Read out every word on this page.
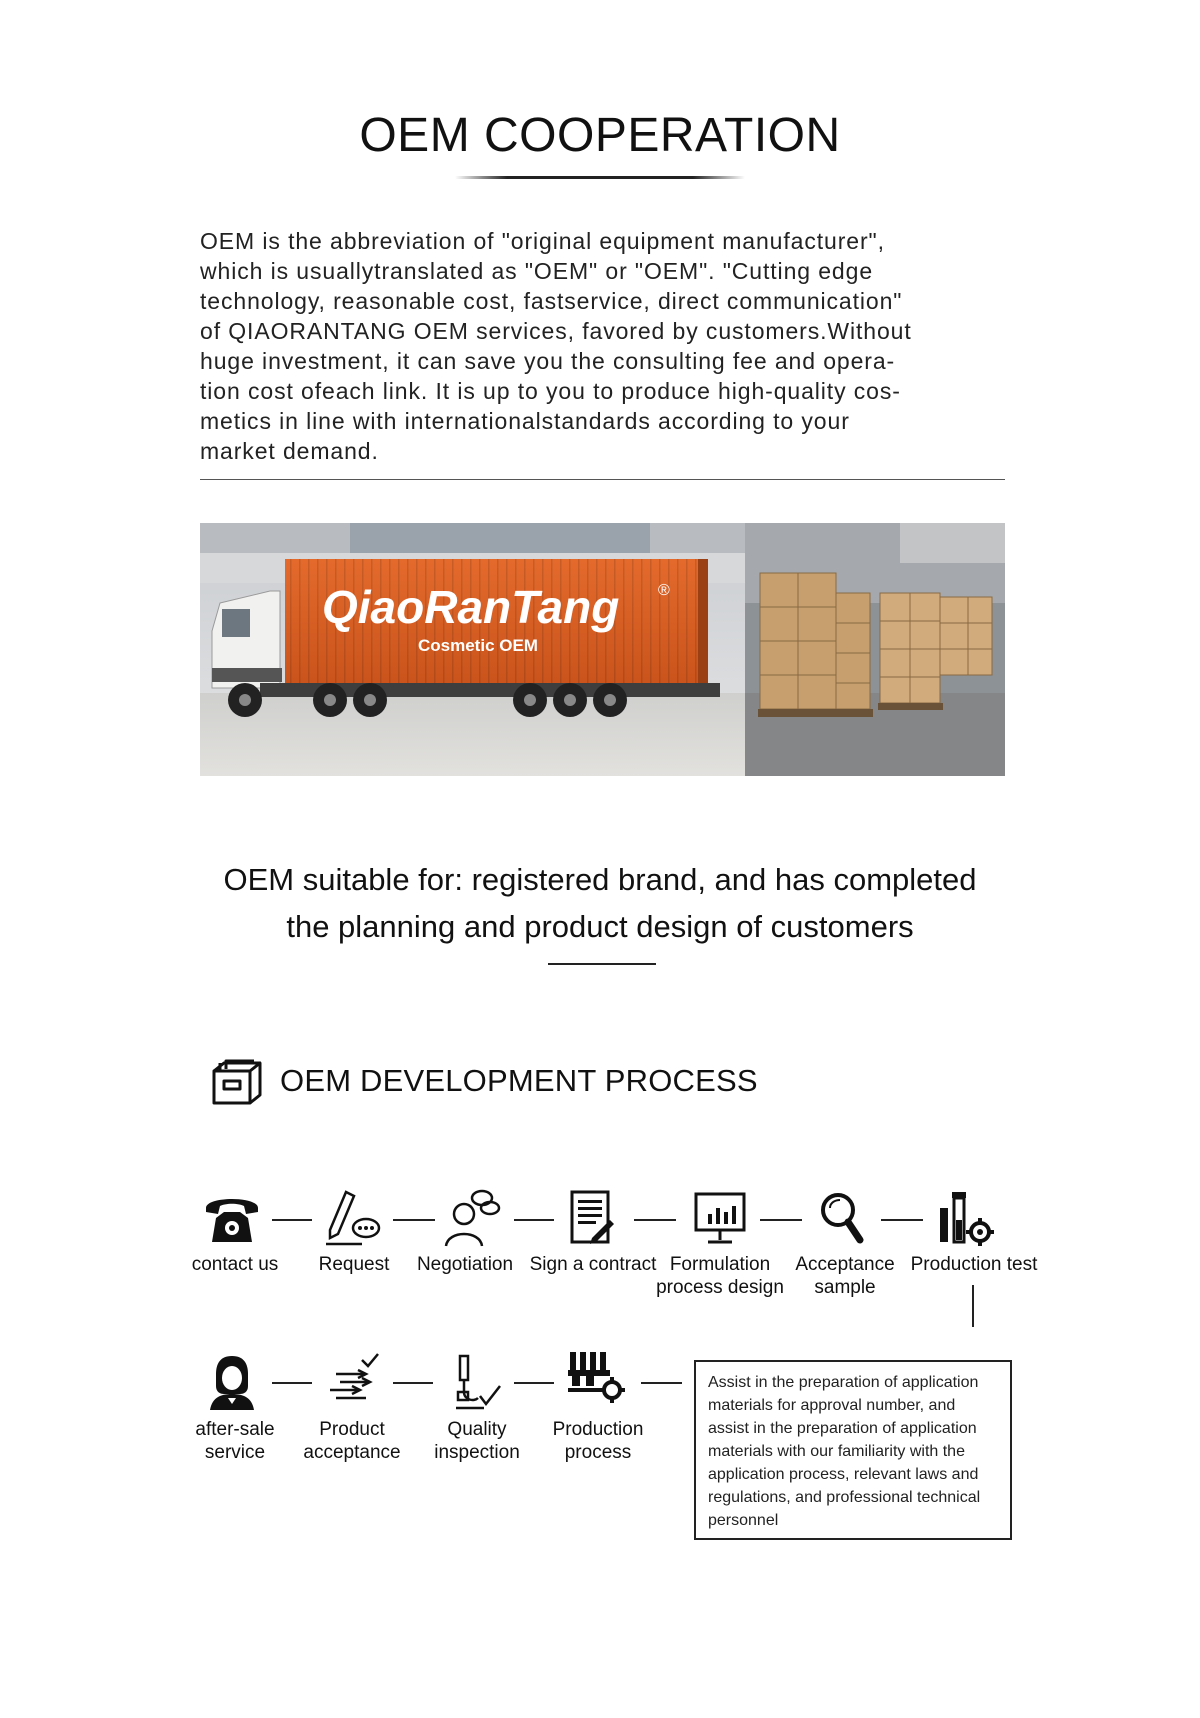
OEM COOPERATION
OEM is the abbreviation of "original equipment manufacturer",
which is usuallytranslated as "OEM" or "OEM". "Cutting edge
technology, reasonable cost, fastservice, direct communication"
of QIAORANTANG OEM services, favored by customers.Without
huge investment, it can save you the consulting fee and opera-
tion cost ofeach link. It is up to you to produce high-quality cos-
metics in line with internationalstandards according to your
market demand.
QiaoRanTang ®
Cosmetic OEM
OEM suitable for: registered brand, and has completed
the planning and product design of customers
OEM DEVELOPMENT PROCESS
contact us	Request	Negotiation Sign a contract Formulation
process design
Acceptance
sample
Production test
after-sale
service
Product
acceptance
Quality
inspection
Production
process
Assist in the preparation of application
materials for approval number, and
assist in the preparation of application
materials with our familiarity with the
application process, relevant laws and
regulations, and professional technical
personnel
